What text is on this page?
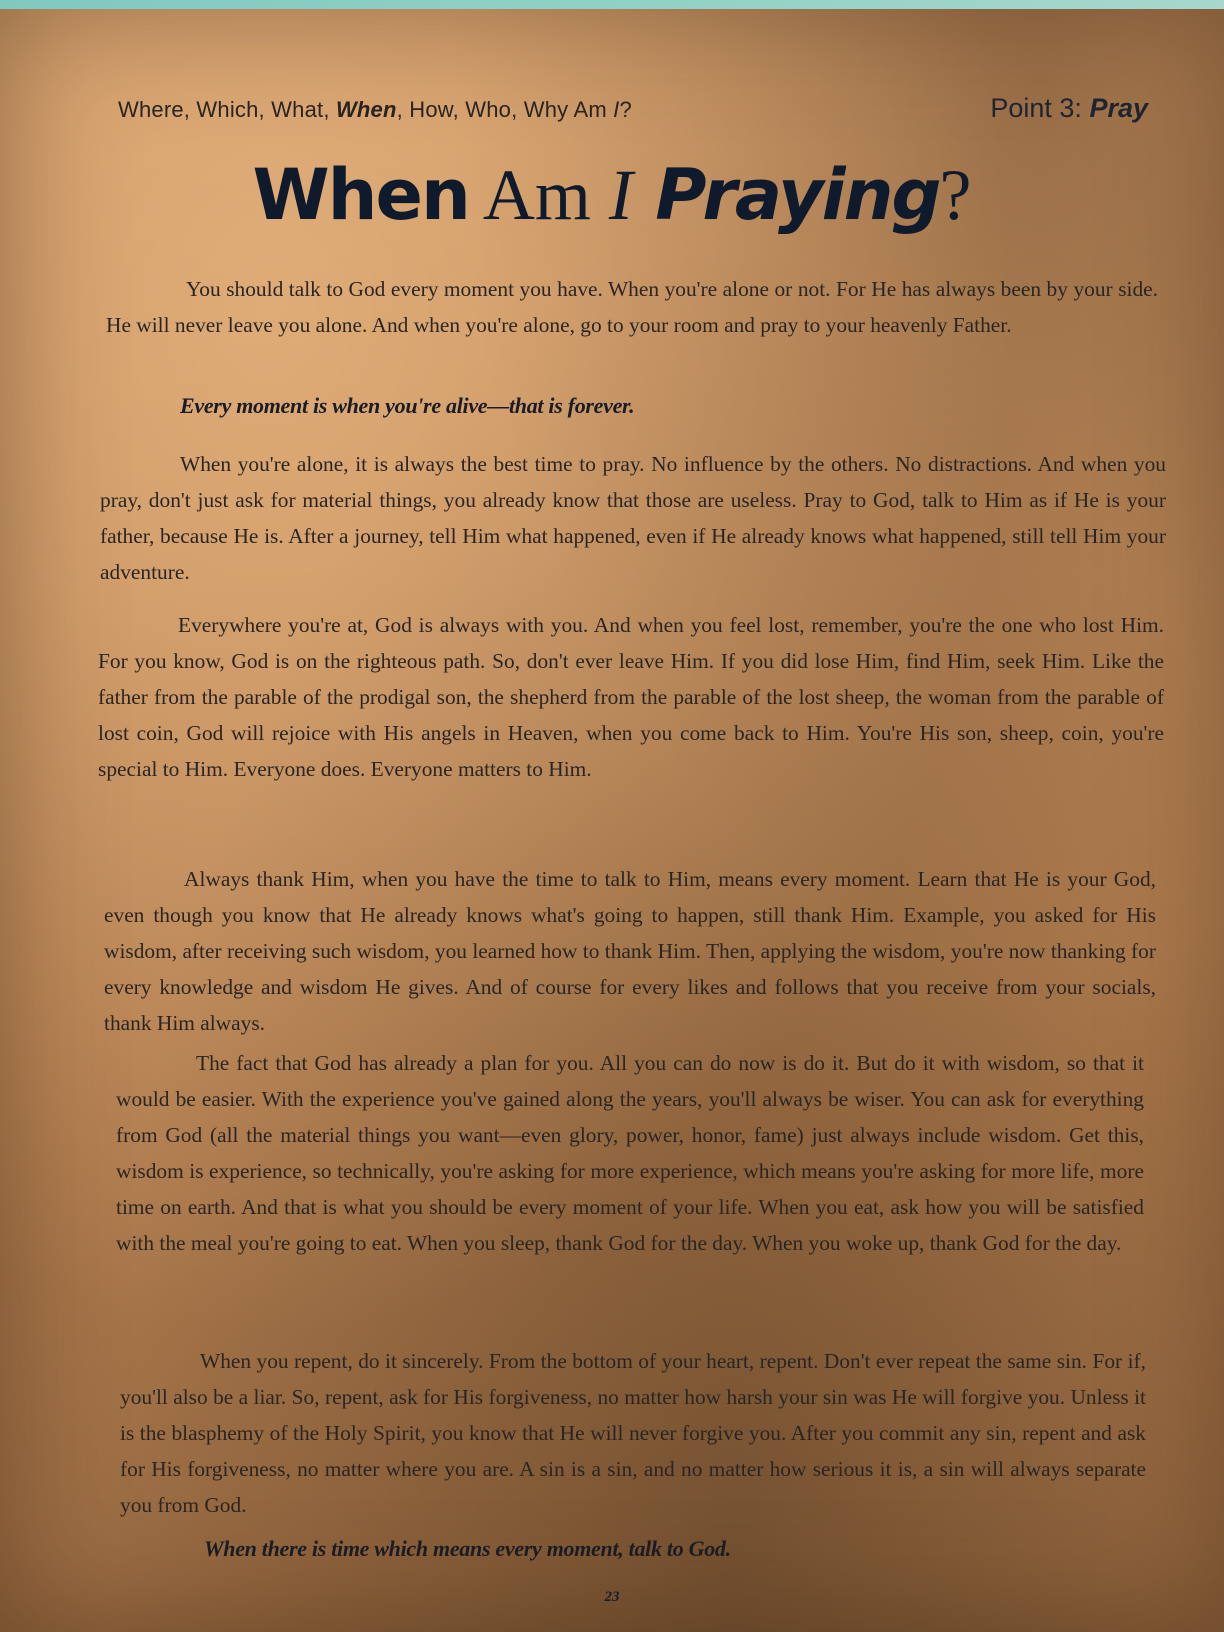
Where, Which, What, When, How, Who, Why Am I?	Point 3: Pray
When Am I Praying?

You should talk to God every moment you have. When you're alone or not. For He has always been by your side. He will never leave you alone. And when you're alone, go to your room and pray to your heavenly Father.

Every moment is when you're alive—that is forever.

When you're alone, it is always the best time to pray. No influence by the others. No distractions. And when you pray, don't just ask for material things, you already know that those are useless. Pray to God, talk to Him as if He is your father, because He is. After a journey, tell Him what happened, even if He already knows what happened, still tell Him your adventure.

Everywhere you're at, God is always with you. And when you feel lost, remember, you're the one who lost Him. For you know, God is on the righteous path. So, don't ever leave Him. If you did lose Him, find Him, seek Him. Like the father from the parable of the prodigal son, the shepherd from the parable of the lost sheep, the woman from the parable of lost coin, God will rejoice with His angels in Heaven, when you come back to Him. You're His son, sheep, coin, you're special to Him. Everyone does. Everyone matters to Him.

Always thank Him, when you have the time to talk to Him, means every moment. Learn that He is your God, even though you know that He already knows what's going to happen, still thank Him. Example, you asked for His wisdom, after receiving such wisdom, you learned how to thank Him. Then, applying the wisdom, you're now thanking for every knowledge and wisdom He gives. And of course for every likes and follows that you receive from your socials, thank Him always.

The fact that God has already a plan for you. All you can do now is do it. But do it with wisdom, so that it would be easier. With the experience you've gained along the years, you'll always be wiser. You can ask for everything from God (all the material things you want—even glory, power, honor, fame) just always include wisdom. Get this, wisdom is experience, so technically, you're asking for more experience, which means you're asking for more life, more time on earth. And that is what you should be every moment of your life. When you eat, ask how you will be satisfied with the meal you're going to eat. When you sleep, thank God for the day. When you woke up, thank God for the day.

When you repent, do it sincerely. From the bottom of your heart, repent. Don't ever repeat the same sin. For if, you'll also be a liar. So, repent, ask for His forgiveness, no matter how harsh your sin was He will forgive you. Unless it is the blasphemy of the Holy Spirit, you know that He will never forgive you. After you commit any sin, repent and ask for His forgiveness, no matter where you are. A sin is a sin, and no matter how serious it is, a sin will always separate you from God.

When there is time which means every moment, talk to God.

23
